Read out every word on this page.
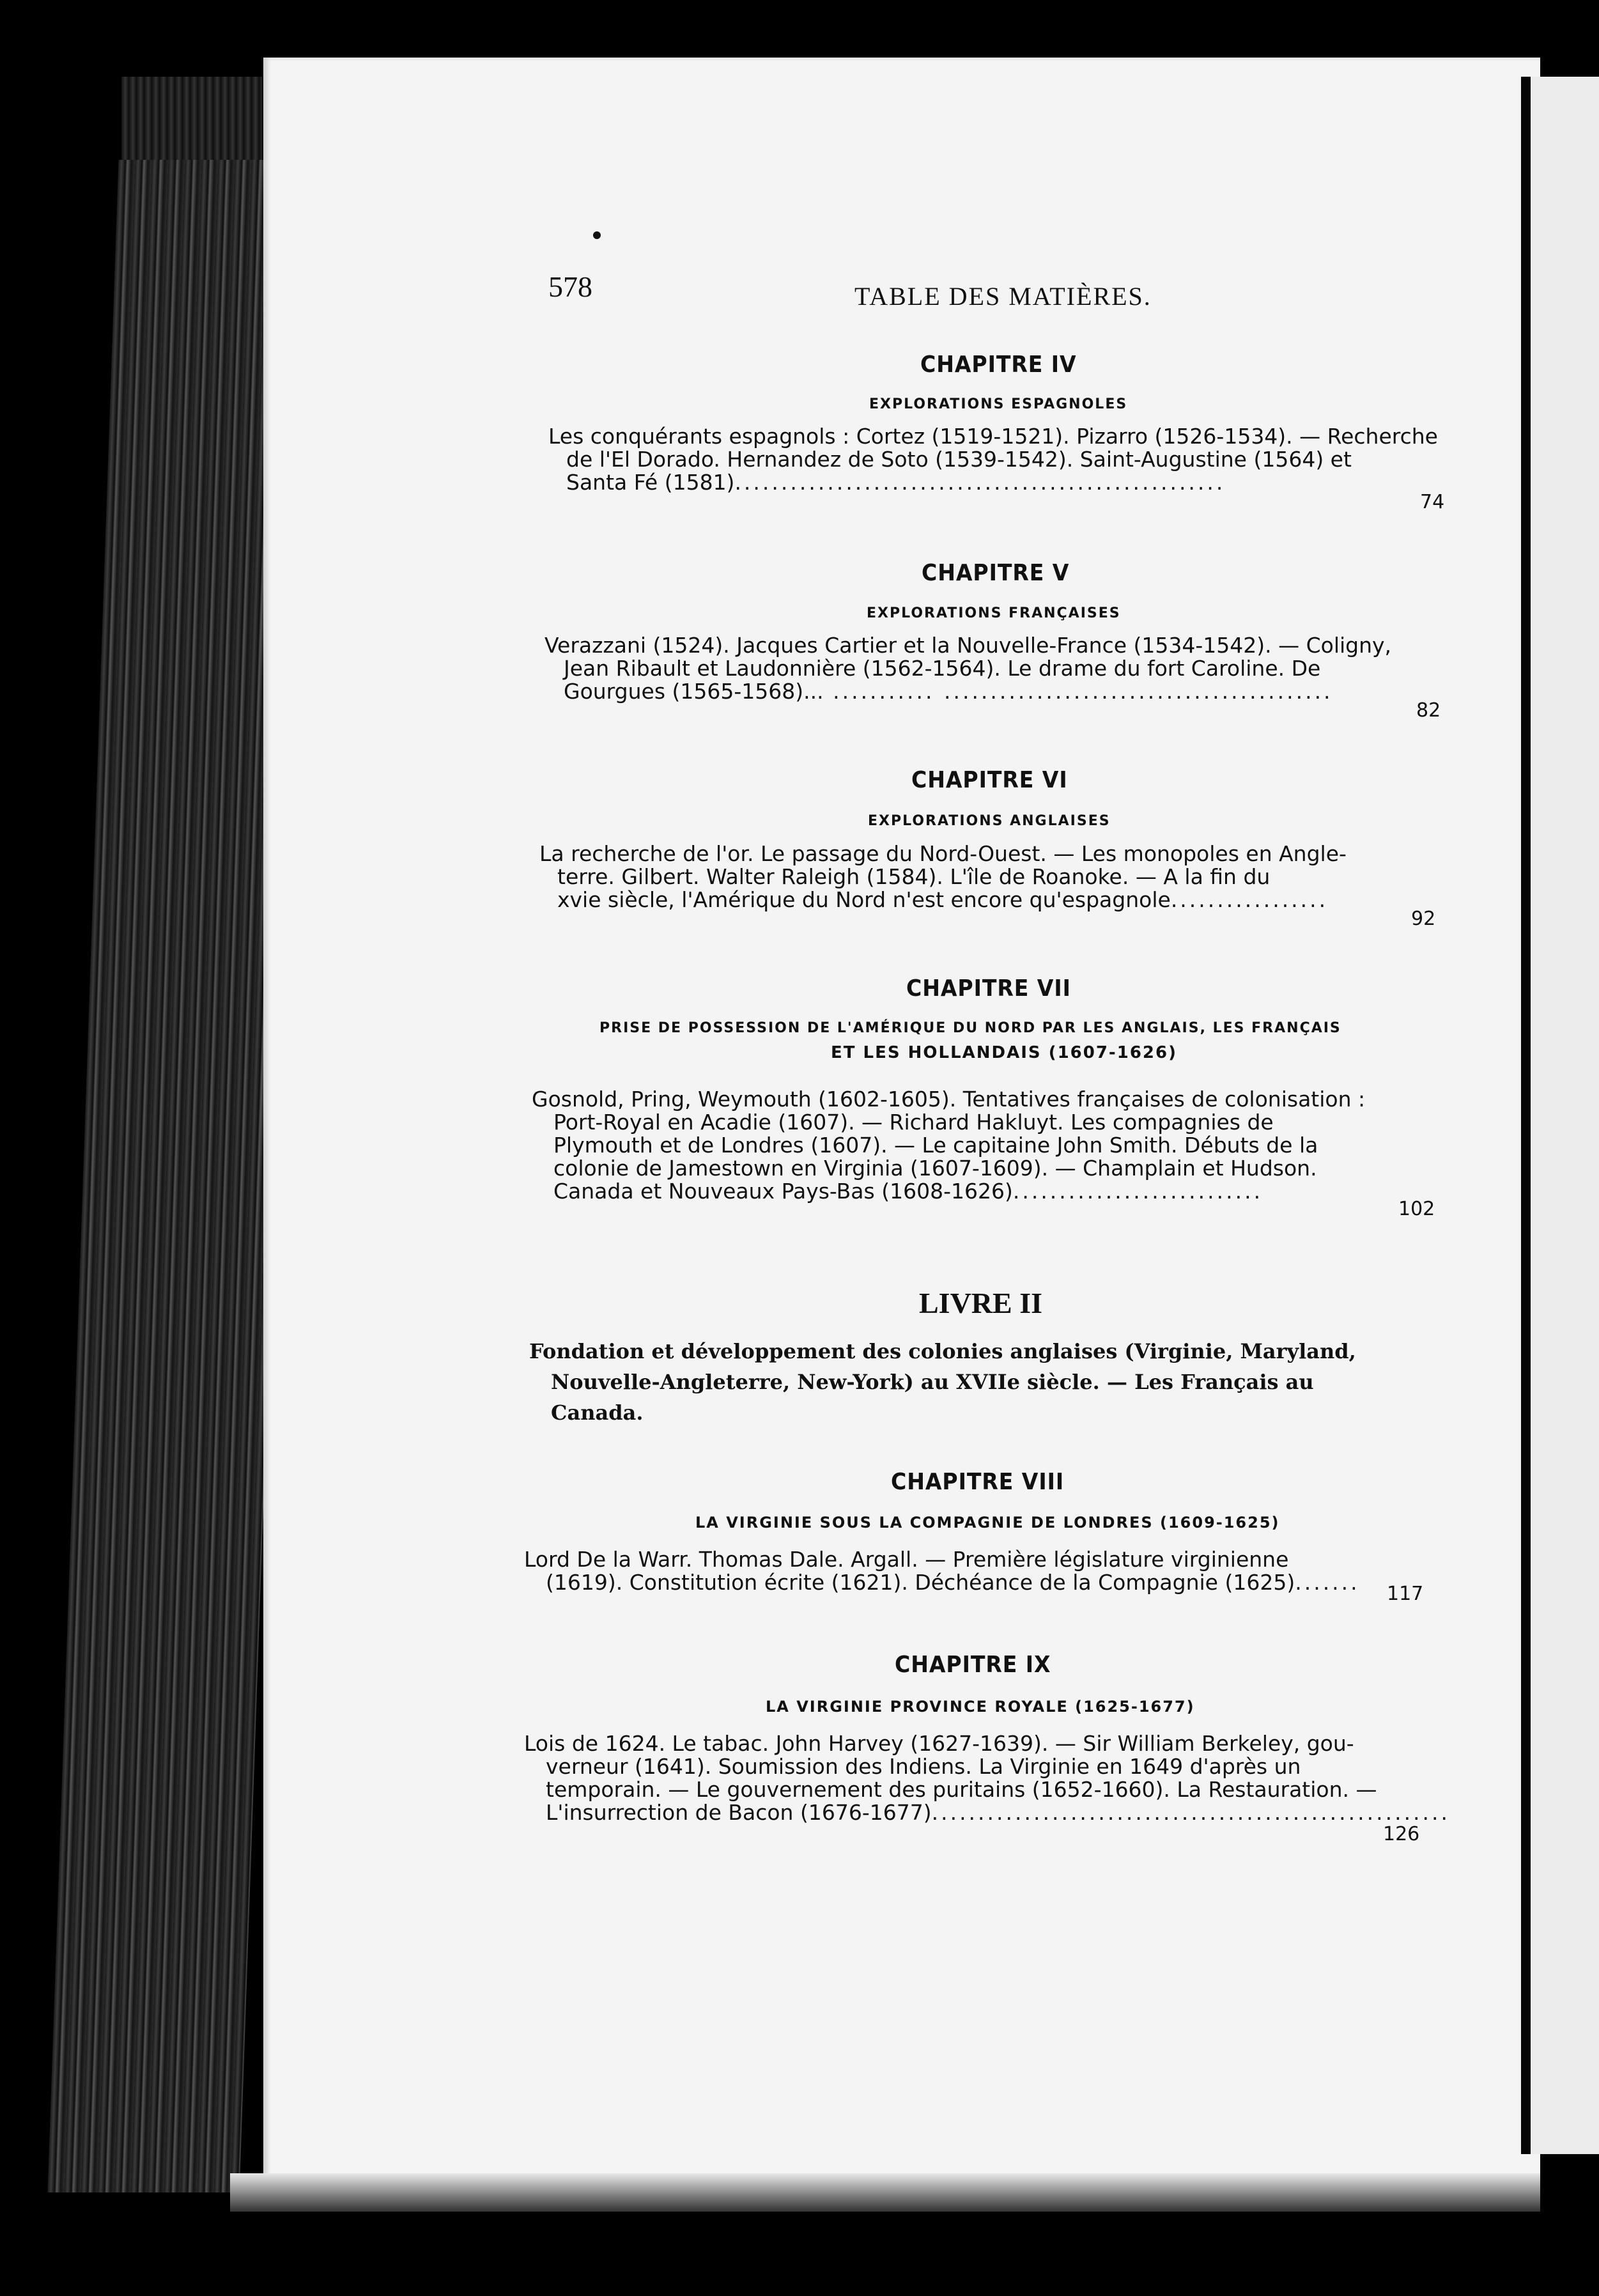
578	TABLE DES MATIÈRES.
CHAPITRE IV
EXPLORATIONS ESPAGNOLES
Les conquérants espagnols : Cortez (1519-1521). Pizarro (1526-1534). — Recherche
de l'El Dorado. Hernandez de Soto (1539-1542). Saint-Augustine (1564) et
Santa Fé (1581).....................................................
74
CHAPITRE V
EXPLORATIONS FRANÇAISES
Verazzani (1524). Jacques Cartier et la Nouvelle-France (1534-1542). — Coligny,
Jean Ribault et Laudonnière (1562-1564). Le drame du fort Caroline. De
Gourgues (1565-1568)... ........... ..........................................
82
CHAPITRE VI
EXPLORATIONS ANGLAISES
La recherche de l'or. Le passage du Nord-Ouest. — Les monopoles en Angle-
terre. Gilbert. Walter Raleigh (1584). L'île de Roanoke. — A la fin du
xvie siècle, l'Amérique du Nord n'est encore qu'espagnole.................
92
CHAPITRE VII
PRISE DE POSSESSION DE L'AMÉRIQUE DU NORD PAR LES ANGLAIS, LES FRANÇAIS
ET LES HOLLANDAIS (1607-1626)
Gosnold, Pring, Weymouth (1602-1605). Tentatives françaises de colonisation :
Port-Royal en Acadie (1607). — Richard Hakluyt. Les compagnies de
Plymouth et de Londres (1607). — Le capitaine John Smith. Débuts de la
colonie de Jamestown en Virginia (1607-1609). — Champlain et Hudson.
Canada et Nouveaux Pays-Bas (1608-1626)...........................
102
LIVRE II
Fondation et développement des colonies anglaises (Virginie, Maryland,
Nouvelle-Angleterre, New-York) au XVIIe siècle. — Les Français au
Canada.
CHAPITRE VIII
LA VIRGINIE SOUS LA COMPAGNIE DE LONDRES (1609-1625)
Lord De la Warr. Thomas Dale. Argall. — Première législature virginienne
(1619). Constitution écrite (1621). Déchéance de la Compagnie (1625).......	117
CHAPITRE IX
LA VIRGINIE PROVINCE ROYALE (1625-1677)
Lois de 1624. Le tabac. John Harvey (1627-1639). — Sir William Berkeley, gou-
verneur (1641). Soumission des Indiens. La Virginie en 1649 d'après un
temporain. — Le gouvernement des puritains (1652-1660). La Restauration. —
L'insurrection de Bacon (1676-1677)........................................................
126
